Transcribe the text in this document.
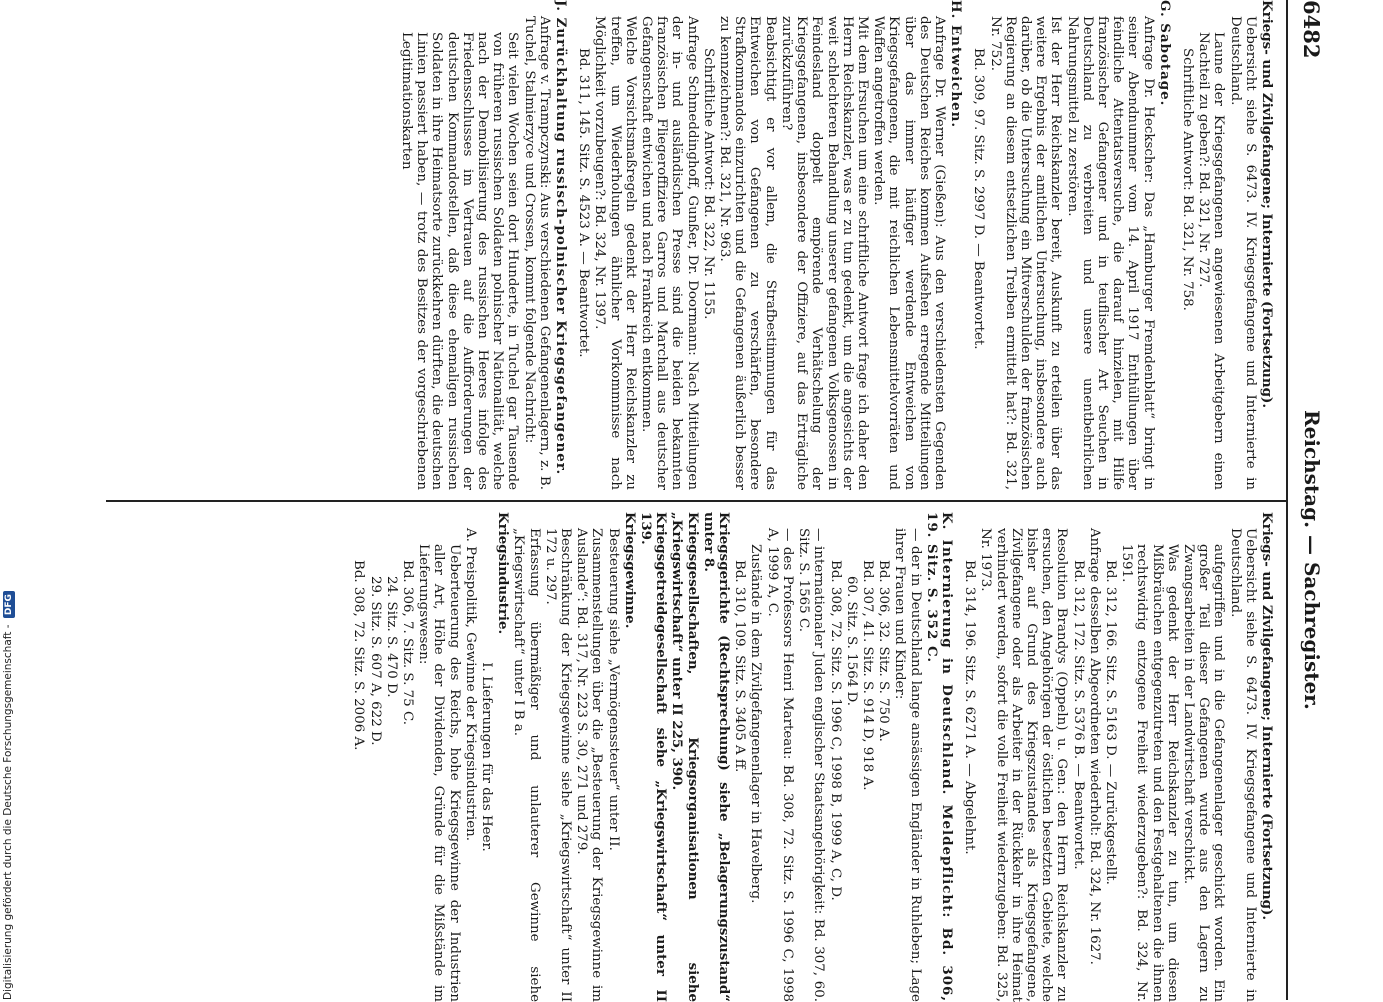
6482
Reichstag. — Sachregister.

Kriegs- und Zivilgefangene; Internierte (Fortsetzung).

Uebersicht siehe S. 6473. IV. Kriegsgefangene und Internierte in Deutschland.

Laune der Kriegsgefangenen angewiesenen Arbeitgebern einen Nachteil zu geben?: Bd. 321, Nr. 727.

Schriftliche Antwort: Bd. 321, Nr. 758.

G. Sabotage.

Anfrage Dr. Heckscher: Das „Hamburger Fremdenblatt“ bringt in seiner Abendnummer vom 14. April 1917 Enthüllungen über feindliche Attentatsversuche, die darauf hinzielen, mit Hilfe französischer Gefangener und in teuflischer Art Seuchen in Deutschland zu verbreiten und unsere unentbehrlichen Nahrungsmittel zu zerstören.

Ist der Herr Reichskanzler bereit, Auskunft zu erteilen über das weitere Ergebnis der amtlichen Untersuchung, insbesondere auch darüber, ob die Untersuchung ein Mitverschulden der französischen Regierung an diesem entsetzlichen Treiben ermittelt hat?: Bd. 321, Nr. 752.

Bd. 309, 97. Sitz. S. 2997 D. — Beantwortet.

H. Entweichen.

Anfrage Dr. Werner (Gießen): Aus den verschiedensten Gegenden des Deutschen Reiches kommen Aufsehen erregende Mitteilungen über das immer häufiger werdende Entweichen von Kriegsgefangenen, die mit reichlichen Lebensmittelvorräten und Waffen angetroffen werden.

Mit dem Ersuchen um eine schriftliche Antwort frage ich daher den Herrn Reichskanzler, was er zu tun gedenkt, um die angesichts der weit schlechteren Behandlung unserer gefangenen Volksgenossen in Feindesland doppelt empörende Verhätschelung der Kriegsgefangenen, insbesondere der Offiziere, auf das Erträgliche zurückzuführen?

Beabsichtigt er vor allem, die Strafbestimmungen für das Entweichen von Gefangenen zu verschärfen, besondere Strafkommandos einzurichten und die Gefangenen äußerlich besser zu kennzeichnen?: Bd. 321, Nr. 963.

Schriftliche Antwort: Bd. 322, Nr. 1155.

Anfrage Schmeddinghoff, Gunßer, Dr. Doormann: Nach Mitteilungen der in- und ausländischen Presse sind die beiden bekannten französischen Fliegeroffiziere Garros und Marchall aus deutscher Gefangenschaft entwichen und nach Frankreich entkommen.

Welche Vorsichtsmaßregeln gedenkt der Herr Reichskanzler zu treffen, um Wiederholungen ähnlicher Vorkommnisse nach Möglichkeit vorzubeugen?: Bd. 324, Nr. 1397.

Bd. 311, 145. Sitz. S. 4523 A. — Beantwortet.

J. Zurückhaltung russisch-polnischer Kriegsgefangener.

Anfrage v. Trampczynski: Aus verschiedenen Gefangenenlagern, z. B. Tuchel, Stalmierzyce und Crossen, kommt folgende Nachricht:

Seit vielen Wochen seien dort Hunderte, in Tuchel gar Tausende von früheren russischen Soldaten polnischer Nationalität, welche nach der Demobilisierung des russischen Heeres infolge des Friedensschlusses im Vertrauen auf die Aufforderungen der deutschen Kommandostellen, daß diese ehemaligen russischen Soldaten in ihre Heimatsorte zurückkehren dürften, die deutschen Linien passiert haben, — trotz des Besitzes der vorgeschriebenen Legitimationskarten

Kriegs- und Zivilgefangene; Internierte (Fortsetzung).

Uebersicht siehe S. 6473. IV. Kriegsgefangene und Internierte in Deutschland.

aufgegriffen und in die Gefangenenlager geschickt worden. Ein großer Teil dieser Gefangenen wurde aus den Lagern zu Zwangsarbeiten in der Landwirtschaft verschickt.

Was gedenkt der Herr Reichskanzler zu tun, um diesen Mißbräuchen entgegenzutreten und den Festgehaltenen die ihnen rechtswidrig entzogene Freiheit wiederzugeben?: Bd. 324, Nr. 1591.

Bd. 312, 166. Sitz. S. 5163 D. — Zurückgestellt.

Anfrage desselben Abgeordneten wiederholt: Bd. 324, Nr. 1627.

Bd. 312, 172. Sitz. S. 5376 B. — Beantwortet.

Resolution Brandys (Oppeln) u. Gen.: den Herrn Reichskanzler zu ersuchen, den Angehörigen der östlichen besetzten Gebiete, welche bisher auf Grund des Kriegszustandes als Kriegsgefangene, Zivilgefangene oder als Arbeiter in der Rückkehr in ihre Heimat verhindert werden, sofort die volle Freiheit wiederzugeben: Bd. 325, Nr. 1973.

Bd. 314, 196. Sitz. S. 6271 A. — Abgelehnt.

K. Internierung in Deutschland. Meldepflicht: Bd. 306, 19. Sitz. S. 352 C.

— der in Deutschland lange ansässigen Engländer in Ruhleben; Lage ihrer Frauen und Kinder:

Bd. 306, 32. Sitz. S. 750 A.

Bd. 307, 41. Sitz. S. 914 D, 918 A.

60. Sitz. S. 1564 D.

Bd. 308, 72. Sitz. S. 1996 C, 1998 B, 1999 A, C, D.

— internationaler Juden englischer Staatsangehörigkeit: Bd. 307, 60. Sitz. S. 1565 C.

— des Professors Henri Marteau: Bd. 308, 72. Sitz. S. 1996 C, 1998 A, 1999 A, C.

Zustände in dem Zivilgefangenenlager in Havelberg.

Bd. 310, 109. Sitz. S. 3405 A ff.

Kriegsgerichte (Rechtsprechung) siehe „Belagerungszustand“ unter 8.

Kriegsgesellschaften, Kriegsorganisationen siehe „Kriegswirtschaft“ unter II 225, 390.

Kriegsgetreidegesellschaft siehe „Kriegswirtschaft“ unter II 139.

Kriegsgewinne.

Besteuerung siehe „Vermögenssteuer“ unter II.

Zusammenstellungen über die „Besteuerung der Kriegsgewinne im Auslande“: Bd. 317, Nr. 223 S. 30, 271 und 279.

Beschränkung der Kriegsgewinne siehe „Kriegswirtschaft“ unter II 172 u. 297.

Erfassung übermäßiger und unlauterer Gewinne siehe „Kriegswirtschaft“ unter I B a.

Kriegsindustrie.

I. Lieferungen für das Heer.

A. Preispolitik, Gewinne der Kriegsindustrien.

Ueberteuerung des Reichs, hohe Kriegsgewinne der Industrien aller Art, Höhe der Dividenden, Gründe für die Mißstände im Lieferungswesen:

Bd. 306, 7. Sitz. S. 75 C.

24. Sitz. S. 470 D.

29. Sitz. S. 607 A, 622 D.

Bd. 308, 72. Sitz. S. 2006 A.

Digitalisierung gefördert durch die Deutsche Forschungsgemeinschaft - DFG
